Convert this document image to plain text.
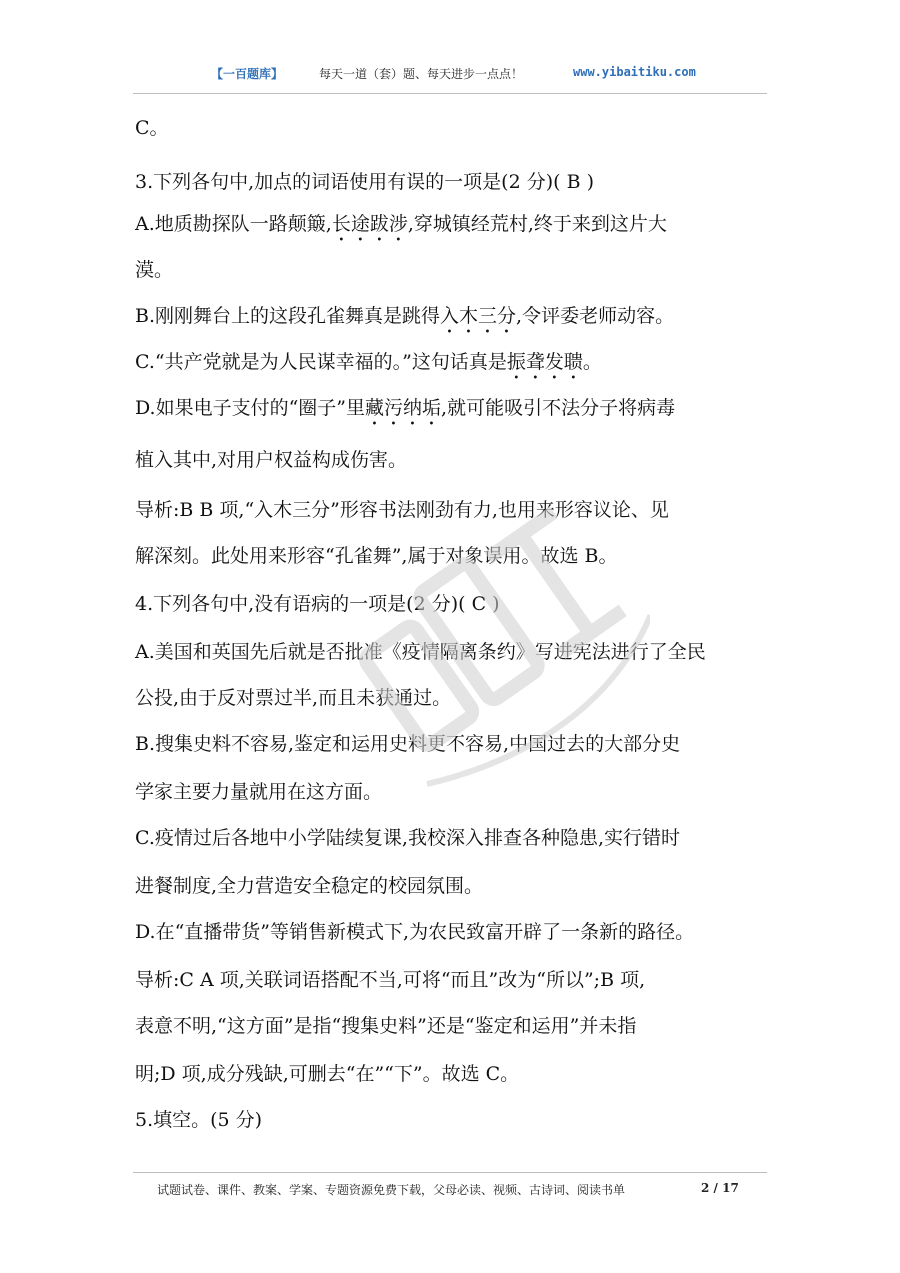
【一百题库】	每天一道（套）题、每天进步一点点！	www.yibaitiku.com
C。
3.下列各句中,加点的词语使用有误的一项是(2 分)( B )
A.地质勘探队一路颠簸,长途跋涉,穿城镇经荒村,终于来到这片大
漠。
B.刚刚舞台上的这段孔雀舞真是跳得入木三分,令评委老师动容。
C.“共产党就是为人民谋幸福的。”这句话真是振聋发聩。
D.如果电子支付的“圈子”里藏污纳垢,就可能吸引不法分子将病毒
植入其中,对用户权益构成伤害。
导析:B B 项,“入木三分”形容书法刚劲有力,也用来形容议论、见
解深刻。此处用来形容“孔雀舞”,属于对象误用。故选 B。
4.下列各句中,没有语病的一项是(2 分)( C )
A.美国和英国先后就是否批准《疫情隔离条约》写进宪法进行了全民
公投,由于反对票过半,而且未获通过。
B.搜集史料不容易,鉴定和运用史料更不容易,中国过去的大部分史
学家主要力量就用在这方面。
C.疫情过后各地中小学陆续复课,我校深入排查各种隐患,实行错时
进餐制度,全力营造安全稳定的校园氛围。
D.在“直播带货”等销售新模式下,为农民致富开辟了一条新的路径。
导析:C A 项,关联词语搭配不当,可将“而且”改为“所以”;B 项,
表意不明,“这方面”是指“搜集史料”还是“鉴定和运用”并未指
明;D 项,成分残缺,可删去“在”“下”。故选 C。
5.填空。(5 分)
试题试卷、课件、教案、学案、专题资源免费下载，父母必读、视频、古诗词、阅读书单	2 / 17
